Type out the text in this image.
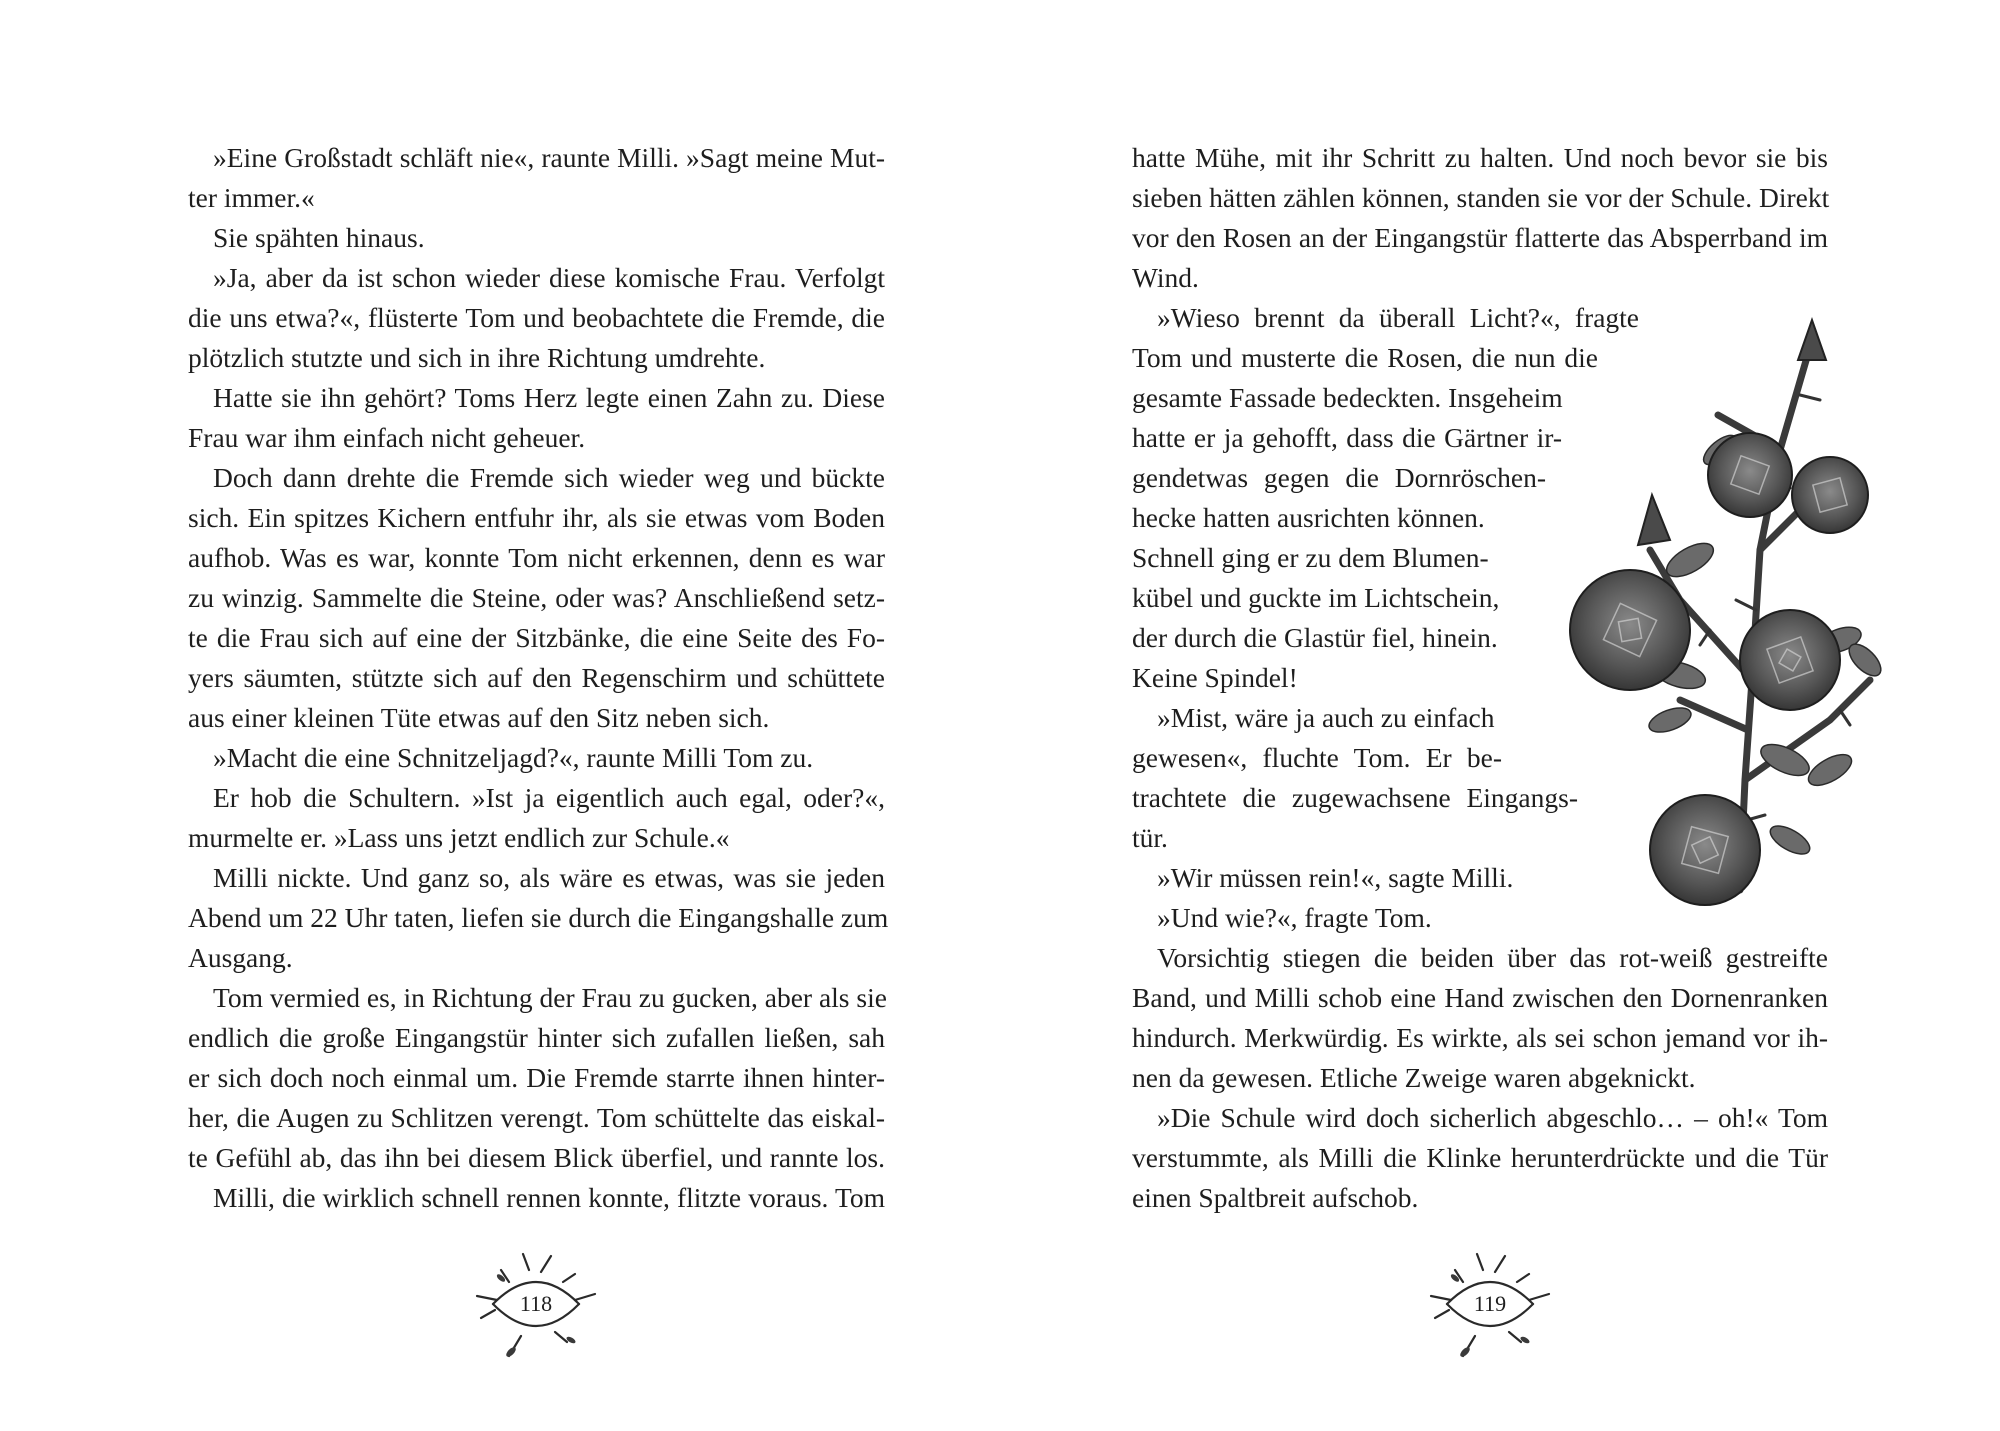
»Eine Großstadt schläft nie«, raunte Milli. »Sagt meine Mut-
ter immer.«
Sie spähten hinaus.
»Ja, aber da ist schon wieder diese komische Frau. Verfolgt
die uns etwa?«, flüsterte Tom und beobachtete die Fremde, die
plötzlich stutzte und sich in ihre Richtung umdrehte.
Hatte sie ihn gehört? Toms Herz legte einen Zahn zu. Diese
Frau war ihm einfach nicht geheuer.
Doch dann drehte die Fremde sich wieder weg und bückte
sich. Ein spitzes Kichern entfuhr ihr, als sie etwas vom Boden
aufhob. Was es war, konnte Tom nicht erkennen, denn es war
zu winzig. Sammelte die Steine, oder was? Anschließend setz-
te die Frau sich auf eine der Sitzbänke, die eine Seite des Fo-
yers säumten, stützte sich auf den Regenschirm und schüttete
aus einer kleinen Tüte etwas auf den Sitz neben sich.
»Macht die eine Schnitzeljagd?«, raunte Milli Tom zu.
Er hob die Schultern. »Ist ja eigentlich auch egal, oder?«,
murmelte er. »Lass uns jetzt endlich zur Schule.«
Milli nickte. Und ganz so, als wäre es etwas, was sie jeden
Abend um 22 Uhr taten, liefen sie durch die Eingangshalle zum
Ausgang.
Tom vermied es, in Richtung der Frau zu gucken, aber als sie
endlich die große Eingangstür hinter sich zufallen ließen, sah
er sich doch noch einmal um. Die Fremde starrte ihnen hinter-
her, die Augen zu Schlitzen verengt. Tom schüttelte das eiskal-
te Gefühl ab, das ihn bei diesem Blick überfiel, und rannte los.
Milli, die wirklich schnell rennen konnte, flitzte voraus. Tom
118
hatte Mühe, mit ihr Schritt zu halten. Und noch bevor sie bis
sieben hätten zählen können, standen sie vor der Schule. Direkt
vor den Rosen an der Eingangstür flatterte das Absperrband im
Wind.
»Wieso brennt da überall Licht?«, fragte
Tom und musterte die Rosen, die nun die
gesamte Fassade bedeckten. Insgeheim
hatte er ja gehofft, dass die Gärtner ir-
gendetwas gegen die Dornröschen-
hecke hatten ausrichten können.
Schnell ging er zu dem Blumen-
kübel und guckte im Lichtschein,
der durch die Glastür fiel, hinein.
Keine Spindel!
»Mist, wäre ja auch zu einfach
gewesen«, fluchte Tom. Er be-
trachtete die zugewachsene Eingangs-
tür.
»Wir müssen rein!«, sagte Milli.
»Und wie?«, fragte Tom.
Vorsichtig stiegen die beiden über das rot-weiß gestreifte
Band, und Milli schob eine Hand zwischen den Dornenranken
hindurch. Merkwürdig. Es wirkte, als sei schon jemand vor ih-
nen da gewesen. Etliche Zweige waren abgeknickt.
»Die Schule wird doch sicherlich abgeschlo… – oh!« Tom
verstummte, als Milli die Klinke herunterdrückte und die Tür
einen Spaltbreit aufschob.
119
